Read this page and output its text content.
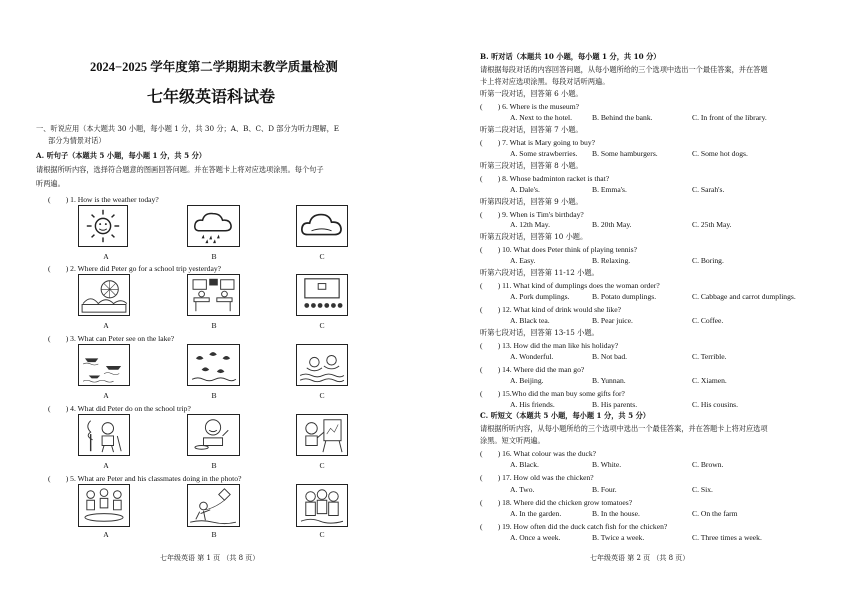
2024−2025 学年度第二学期期末教学质量检测
七年级英语科试卷
一、听说应用（本大题共 30 小题，每小题 1 分，共 30 分；A、B、C、D 部分为听力理解，E
部分为情景对话）
A. 听句子（本题共 5 小题，每小题 1 分，共 5 分）
请根据所听内容，选择符合题意的图画回答问题。并在答题卡上将对应选项涂黑。每个句子
听两遍。
(　　) 1. How is the weather today?
A	B	C
(　　) 2. Where did Peter go for a school trip yesterday?
A	B	C
(　　) 3. What can Peter see on the lake?
A	B	C
(　　) 4. What did Peter do on the school trip?
A	B	C
(　　) 5. What are Peter and his classmates doing in the photo?
A	B	C
七年级英语 第 1 页 （共 8 页）
B. 听对话（本题共 10 小题，每小题 1 分，共 10 分）
请根据每段对话的内容回答问题，从每小题所给的三个选项中选出一个最佳答案，并在答题
卡上将对应选项涂黑。每段对话听两遍。
听第一段对话，回答第 6 小题。
(　　) 6. Where is the museum?
A. Next to the hotel.	B. Behind the bank.	C. In front of the library.
听第二段对话，回答第 7 小题。
(　　) 7. What is Mary going to buy?
A. Some strawberries. B. Some hamburgers.	C. Some hot dogs.
听第三段对话，回答第 8 小题。
(　　) 8. Whose badminton racket is that?
A. Dale's.	B. Emma's.	C. Sarah's.
听第四段对话，回答第 9 小题。
(　　) 9. When is Tim's birthday?
A. 12th May.	B. 20th May.	C. 25th May.
听第五段对话，回答第 10 小题。
(　　) 10. What does Peter think of playing tennis?
A. Easy.	B. Relaxing.	C. Boring.
听第六段对话，回答第 11-12 小题。
(　　) 11. What kind of dumplings does the woman order?
A. Pork dumplings.	B. Potato dumplings.	C. Cabbage and carrot dumplings.
(　　) 12. What kind of drink would she like?
A. Black tea.	B. Pear juice.	C. Coffee.
听第七段对话，回答第 13-15 小题。
(　　) 13. How did the man like his holiday?
A. Wonderful.	B. Not bad.	C. Terrible.
(　　) 14. Where did the man go?
A. Beijing.	B. Yunnan.	C. Xiamen.
(　　) 15.Who did the man buy some gifts for?
A. His friends.	B. His parents.	C. His cousins.
C. 听短文（本题共 5 小题，每小题 1 分，共 5 分）
请根据所听内容，从每小题所给的三个选项中选出一个最佳答案，并在答题卡上将对应选项
涂黑。短文听两遍。
(　　) 16. What colour was the duck?
A. Black.	B. White.	C. Brown.
(　　) 17. How old was the chicken?
A. Two.	B. Four.	C. Six.
(　　) 18. Where did the chicken grow tomatoes?
A. In the garden.	B. In the house.	C. On the farm
(　　) 19. How often did the duck catch fish for the chicken?
A. Once a week.	B. Twice a week.	C. Three times a week.
七年级英语 第 2 页 （共 8 页）
